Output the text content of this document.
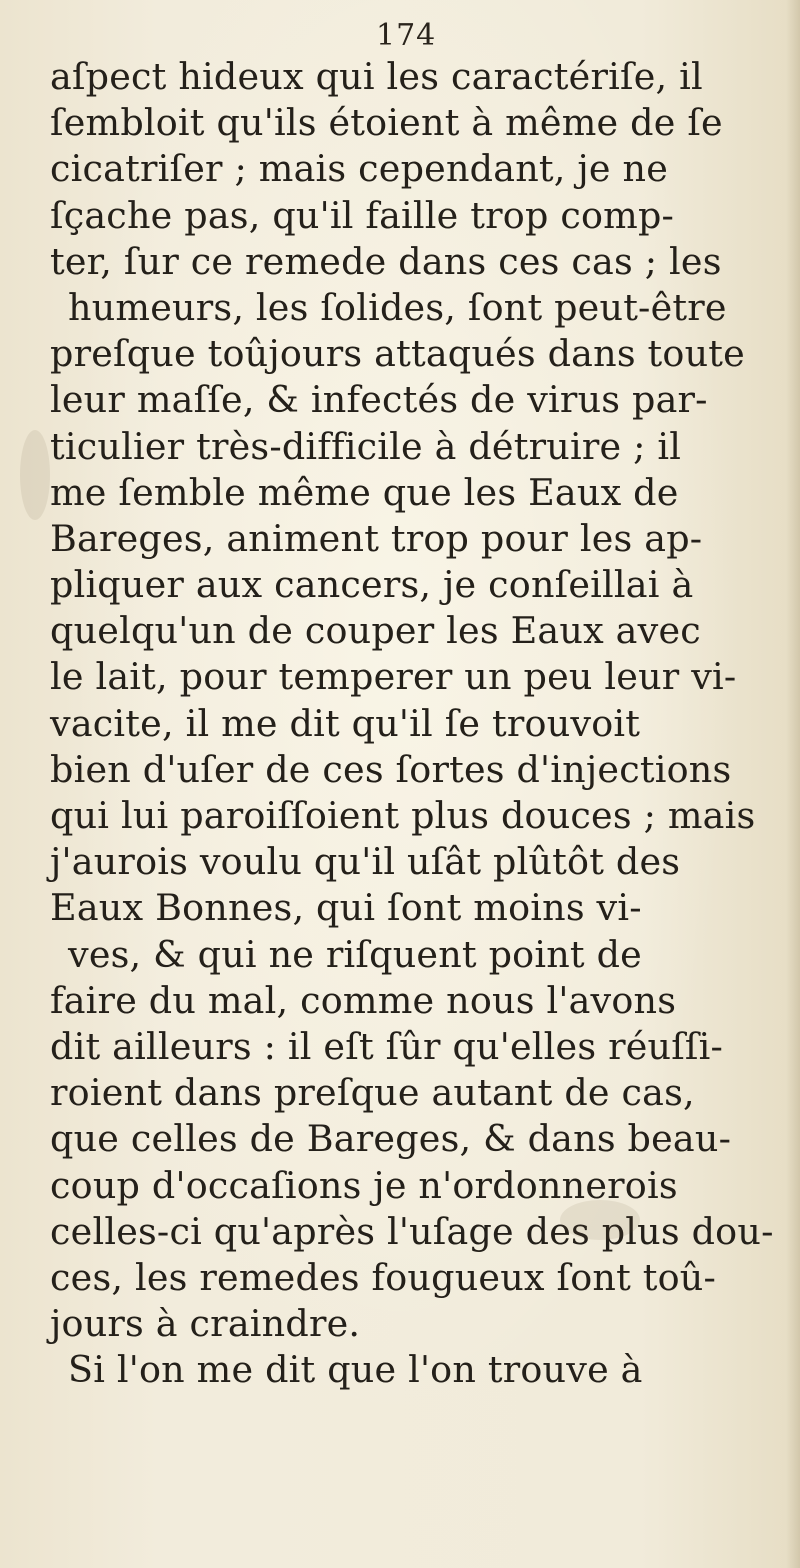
174
aſpect hideux qui les caractériſe, il
ſembloit qu'ils étoient à même de ſe
cicatriſer ; mais cependant, je ne
ſçache pas, qu'il faille trop comp-
ter, ſur ce remede dans ces cas ; les
humeurs, les ſolides, ſont peut-être
preſque toûjours attaqués dans toute
leur maſſe, & infectés de virus par-
ticulier très-difficile à détruire ; il
me ſemble même que les Eaux de
Bareges, animent trop pour les ap-
pliquer aux cancers, je conſeillai à
quelqu'un de couper les Eaux avec
le lait, pour temperer un peu leur vi-
vacite, il me dit qu'il ſe trouvoit
bien d'uſer de ces ſortes d'injections
qui lui paroiſſoient plus douces ; mais
j'aurois voulu qu'il uſât plûtôt des
Eaux Bonnes, qui ſont moins vi-
ves, & qui ne riſquent point de
faire du mal, comme nous l'avons
dit ailleurs : il eſt ſûr qu'elles réuſſi-
roient dans preſque autant de cas,
que celles de Bareges, & dans beau-
coup d'occaſions je n'ordonnerois
celles-ci qu'après l'uſage des plus dou-
ces, les remedes fougueux ſont toû-
jours à craindre.
Si l'on me dit que l'on trouve à
